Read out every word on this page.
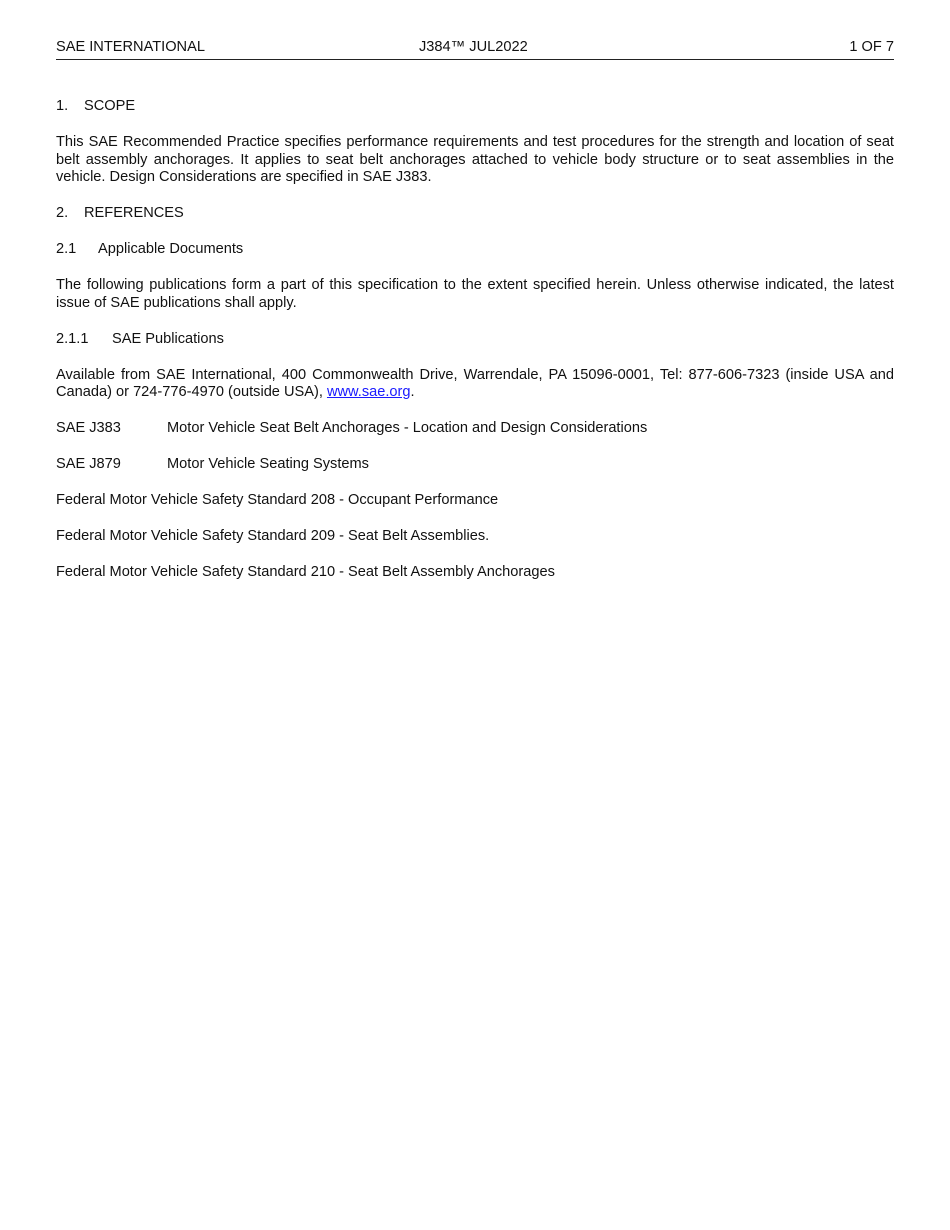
SAE INTERNATIONAL	J384™ JUL2022	1 OF 7
1. SCOPE

This SAE Recommended Practice specifies performance requirements and test procedures for the strength and location of seat belt assembly anchorages. It applies to seat belt anchorages attached to vehicle body structure or to seat assemblies in the vehicle. Design Considerations are specified in SAE J383.

2. REFERENCES
2.1 Applicable Documents

The following publications form a part of this specification to the extent specified herein. Unless otherwise indicated, the latest issue of SAE publications shall apply.

2.1.1 SAE Publications

Available from SAE International, 400 Commonwealth Drive, Warrendale, PA 15096-0001, Tel: 877-606-7323 (inside USA and Canada) or 724-776-4970 (outside USA), www.sae.org.

SAE J383	Motor Vehicle Seat Belt Anchorages - Location and Design Considerations
SAE J879	Motor Vehicle Seating Systems
Federal Motor Vehicle Safety Standard 208 - Occupant Performance
Federal Motor Vehicle Safety Standard 209 - Seat Belt Assemblies.
Federal Motor Vehicle Safety Standard 210 - Seat Belt Assembly Anchorages
